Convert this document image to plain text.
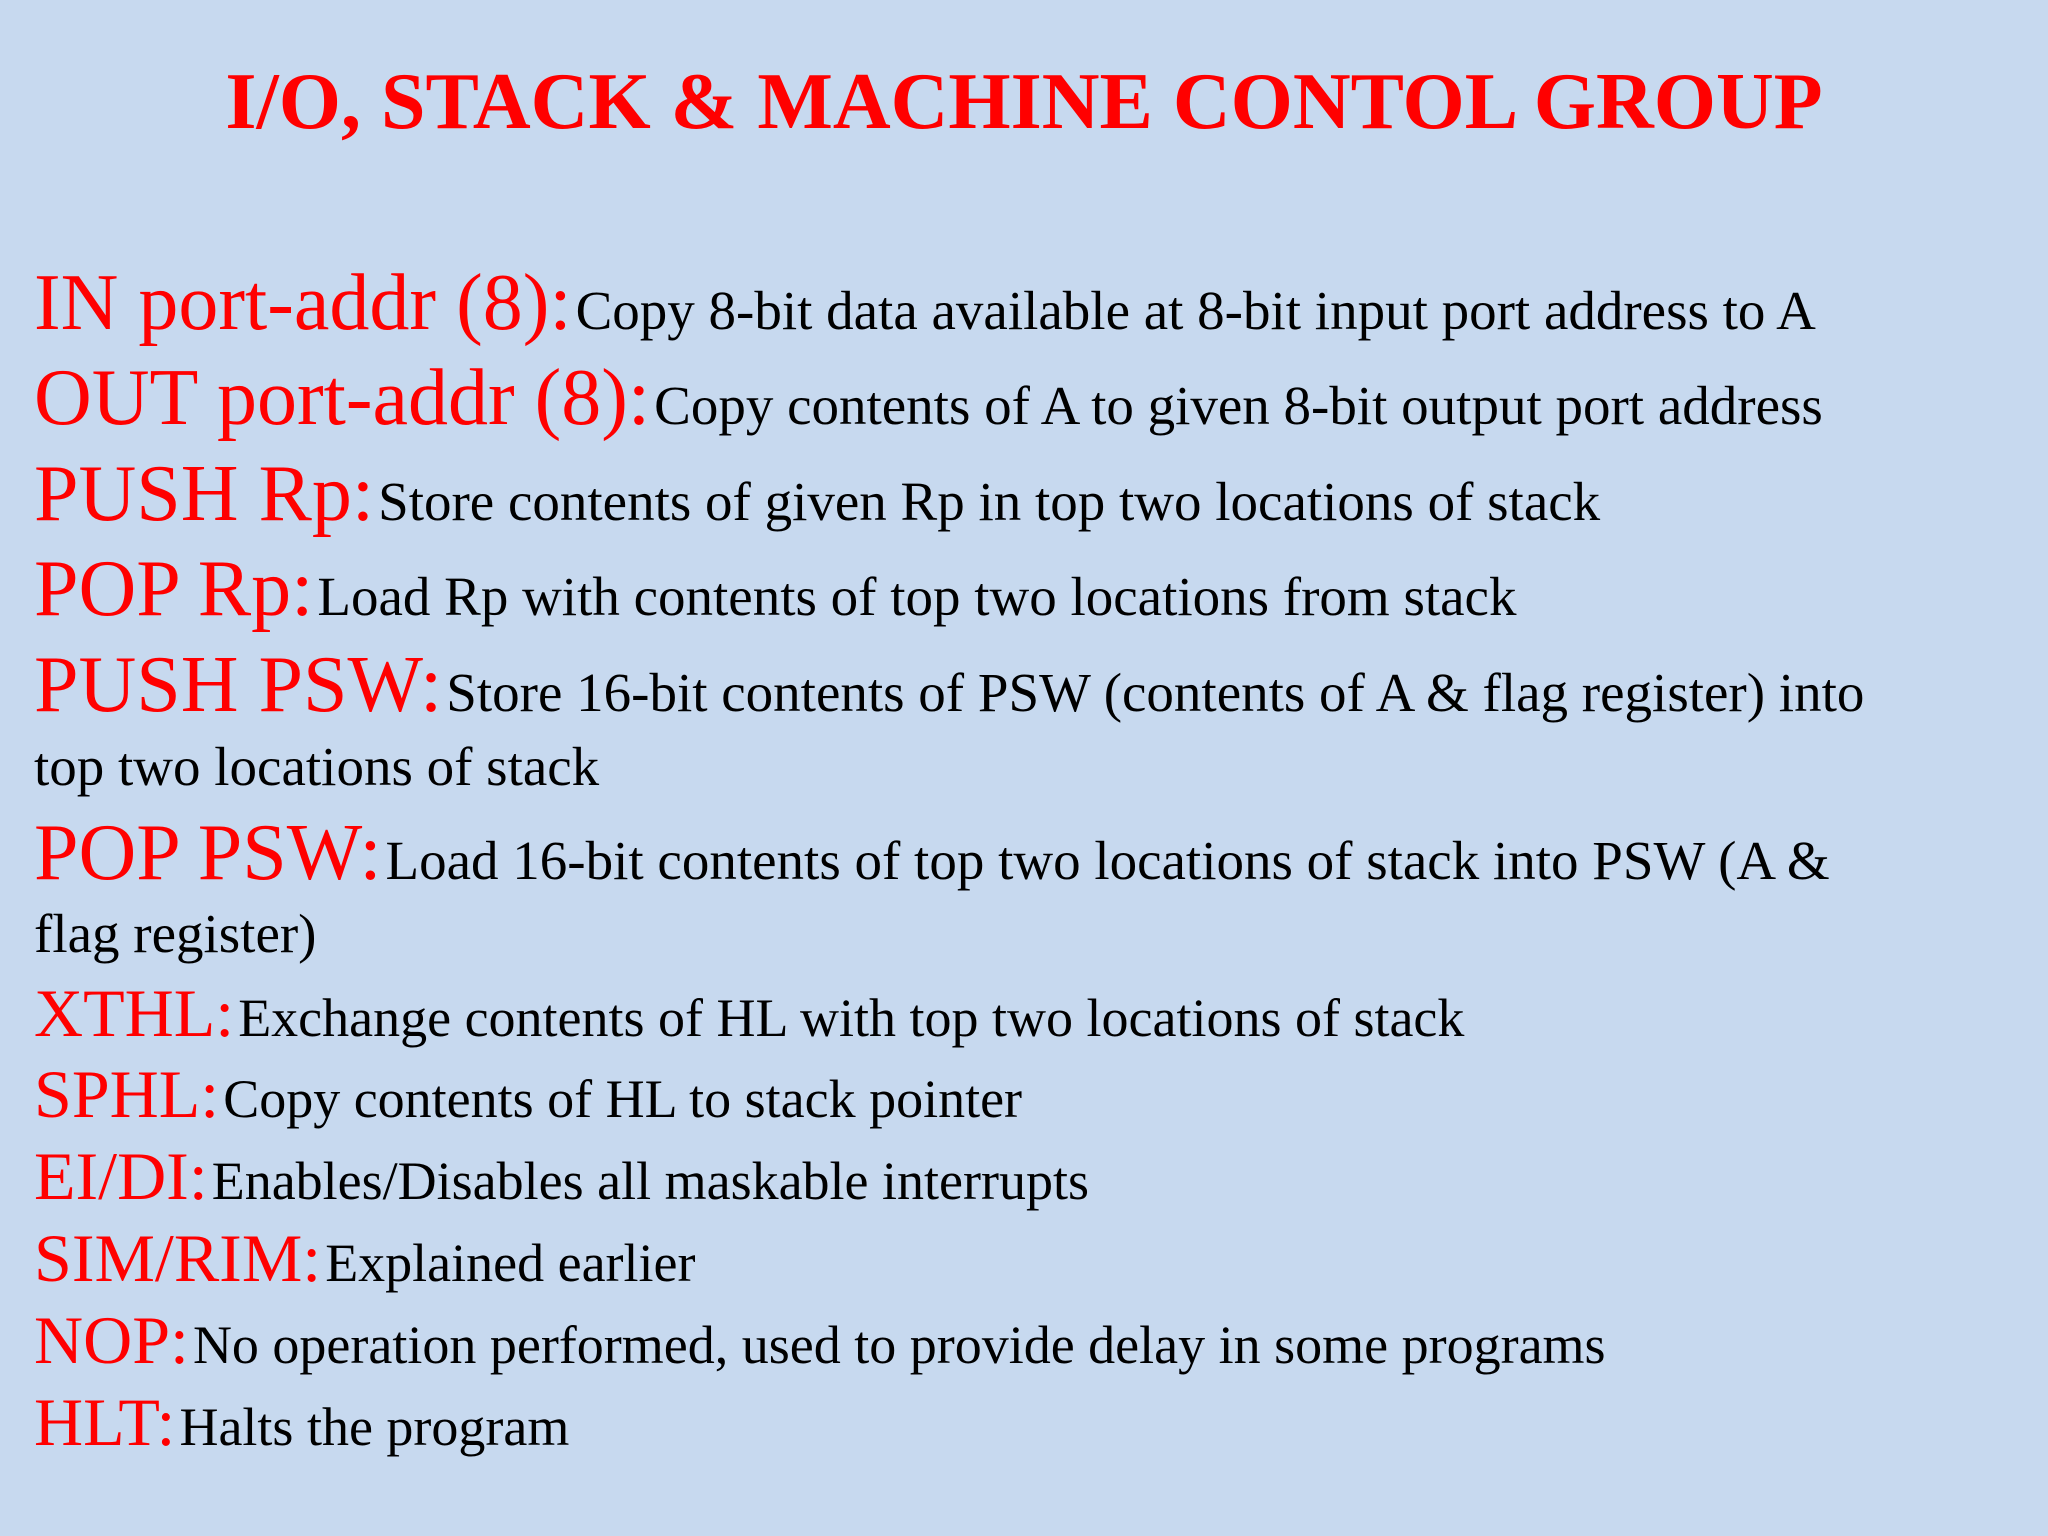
I/O, STACK & MACHINE CONTOL GROUP

IN port-addr (8): Copy 8-bit data available at 8-bit input port address to A

OUT port-addr (8): Copy contents of A to given 8-bit output port address

PUSH Rp: Store contents of given Rp in top two locations of stack

POP Rp: Load Rp with contents of top two locations from stack

PUSH PSW: Store 16-bit contents of PSW (contents of A & flag register) into

top two locations of stack

POP PSW: Load 16-bit contents of top two locations of stack into PSW (A &

flag register)

XTHL: Exchange contents of HL with top two locations of stack

SPHL: Copy contents of HL to stack pointer

EI/DI: Enables/Disables all maskable interrupts

SIM/RIM: Explained earlier

NOP: No operation performed, used to provide delay in some programs

HLT: Halts the program
